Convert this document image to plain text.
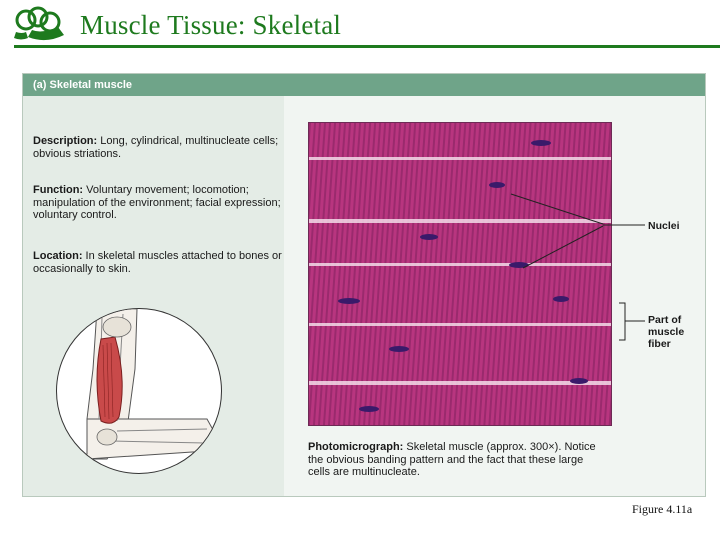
Muscle Tissue: Skeletal
(a) Skeletal muscle
Description: Long, cylindrical, multinucleate cells; obvious striations.
Function: Voluntary movement; locomotion; manipulation of the environment; facial expression; voluntary control.
Location: In skeletal muscles attached to bones or occasionally to skin.
Nuclei
Part of muscle fiber
Photomicrograph: Skeletal muscle (approx. 300×). Notice the obvious banding pattern and the fact that these large cells are multinucleate.
Figure 4.11a
